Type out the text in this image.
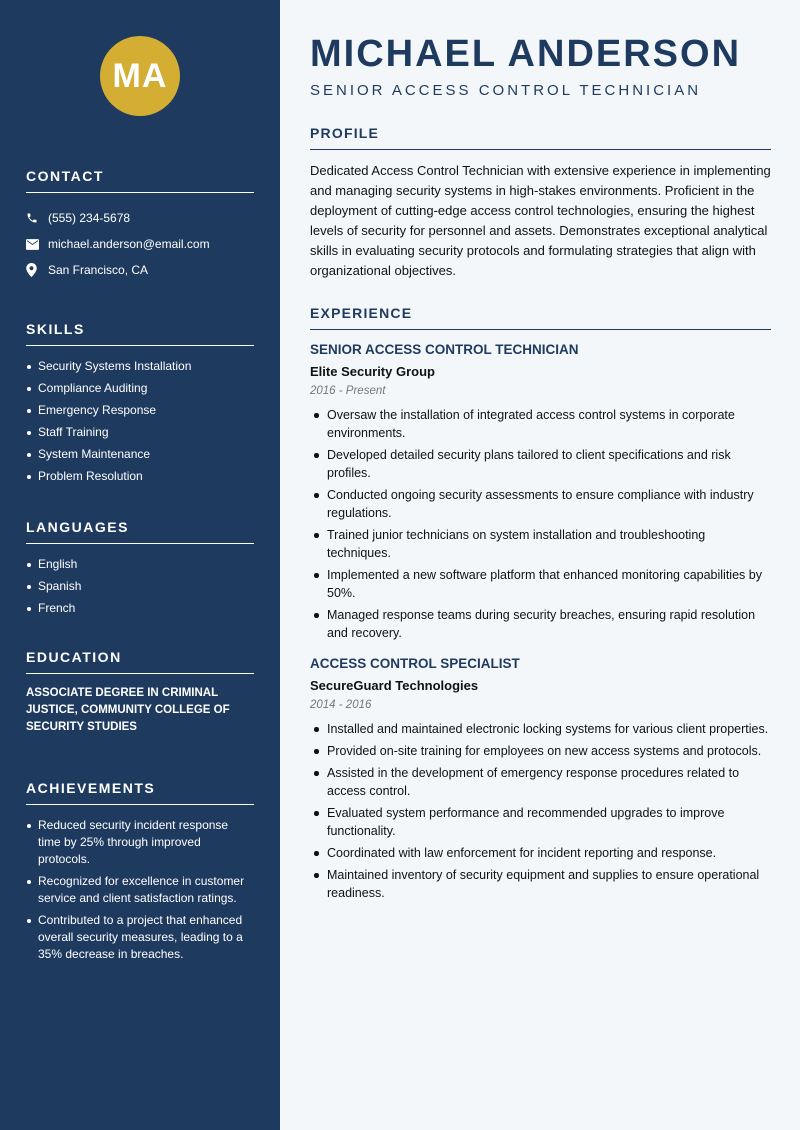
MA
CONTACT
(555) 234-5678
michael.anderson@email.com
San Francisco, CA
SKILLS
Security Systems Installation
Compliance Auditing
Emergency Response
Staff Training
System Maintenance
Problem Resolution
LANGUAGES
English
Spanish
French
EDUCATION

ASSOCIATE DEGREE IN CRIMINAL JUSTICE, COMMUNITY COLLEGE OF SECURITY STUDIES

ACHIEVEMENTS
Reduced security incident response time by 25% through improved protocols.
Recognized for excellence in customer service and client satisfaction ratings.
Contributed to a project that enhanced overall security measures, leading to a 35% decrease in breaches.
MICHAEL ANDERSON
SENIOR ACCESS CONTROL TECHNICIAN
PROFILE

Dedicated Access Control Technician with extensive experience in implementing and managing security systems in high-stakes environments. Proficient in the deployment of cutting-edge access control technologies, ensuring the highest levels of security for personnel and assets. Demonstrates exceptional analytical skills in evaluating security protocols and formulating strategies that align with organizational objectives.

EXPERIENCE
SENIOR ACCESS CONTROL TECHNICIAN
Elite Security Group
2016 - Present
Oversaw the installation of integrated access control systems in corporate environments.
Developed detailed security plans tailored to client specifications and risk profiles.
Conducted ongoing security assessments to ensure compliance with industry regulations.
Trained junior technicians on system installation and troubleshooting techniques.
Implemented a new software platform that enhanced monitoring capabilities by 50%.
Managed response teams during security breaches, ensuring rapid resolution and recovery.
ACCESS CONTROL SPECIALIST
SecureGuard Technologies
2014 - 2016
Installed and maintained electronic locking systems for various client properties.
Provided on-site training for employees on new access systems and protocols.
Assisted in the development of emergency response procedures related to access control.
Evaluated system performance and recommended upgrades to improve functionality.
Coordinated with law enforcement for incident reporting and response.
Maintained inventory of security equipment and supplies to ensure operational readiness.
